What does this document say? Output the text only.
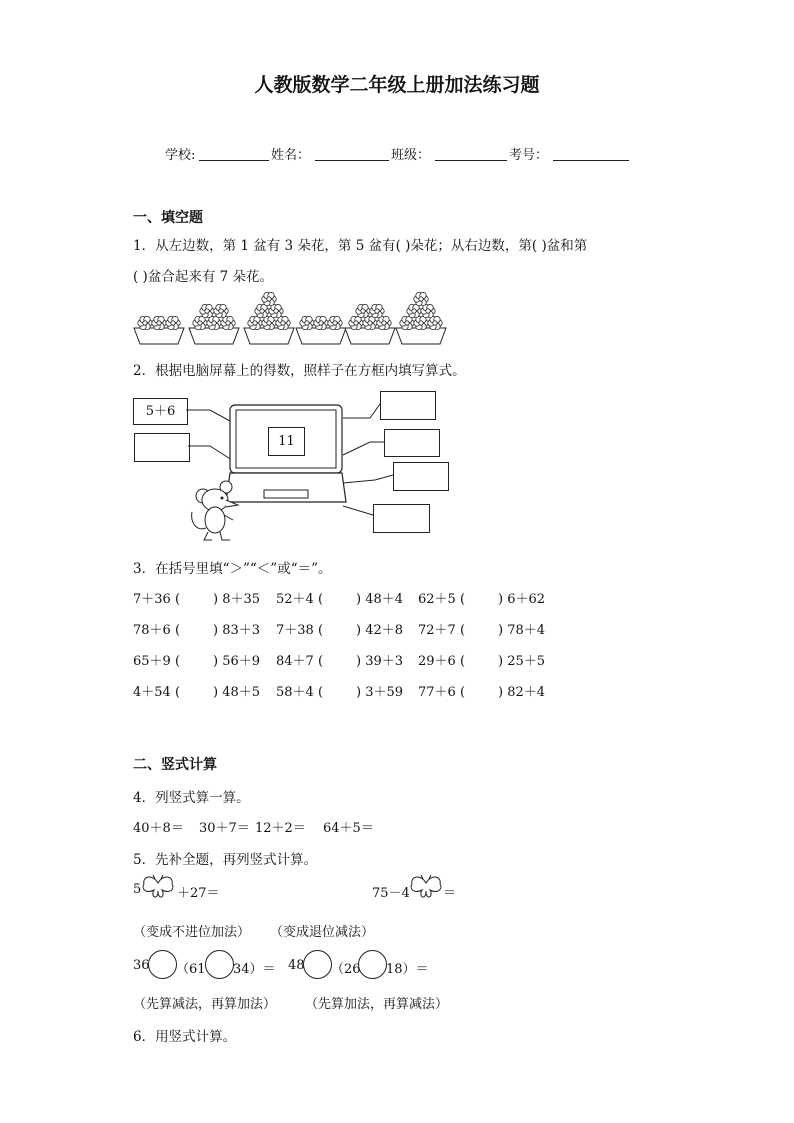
人教版数学二年级上册加法练习题
学校:	姓名：	班级：	考号：
一、填空题
1．从左边数，第 1 盆有 3 朵花，第 5 盆有( )朵花；从右边数，第( )盆和第
( )盆合起来有 7 朵花。
2．根据电脑屏幕上的得数，照样子在方框内填写算式。
5＋6
11
3．在括号里填“＞”“＜”或“＝”。
7＋36 (	) 8＋35 52＋4 (	) 48＋4 62＋5 (	) 6＋62
78＋6 (	) 83＋3 7＋38 (	) 42＋8 72＋7 (	) 78＋4
65＋9 (	) 56＋9 84＋7 (	) 39＋3 29＋6 (	) 25＋5
4＋54 (	) 48＋5 58＋4 (	) 3＋59 77＋6 (	) 82＋4
二、竖式计算
4．列竖式算一算。
40＋8＝ 30＋7＝ 12＋2＝ 64＋5＝
5．先补全题，再列竖式计算。
5	＋27＝	75－4	＝
（变成不进位加法） （变成退位减法）
36 （61 34）＝ 48 （26 18）＝
（先算减法，再算加法） （先算加法，再算减法）
6．用竖式计算。
